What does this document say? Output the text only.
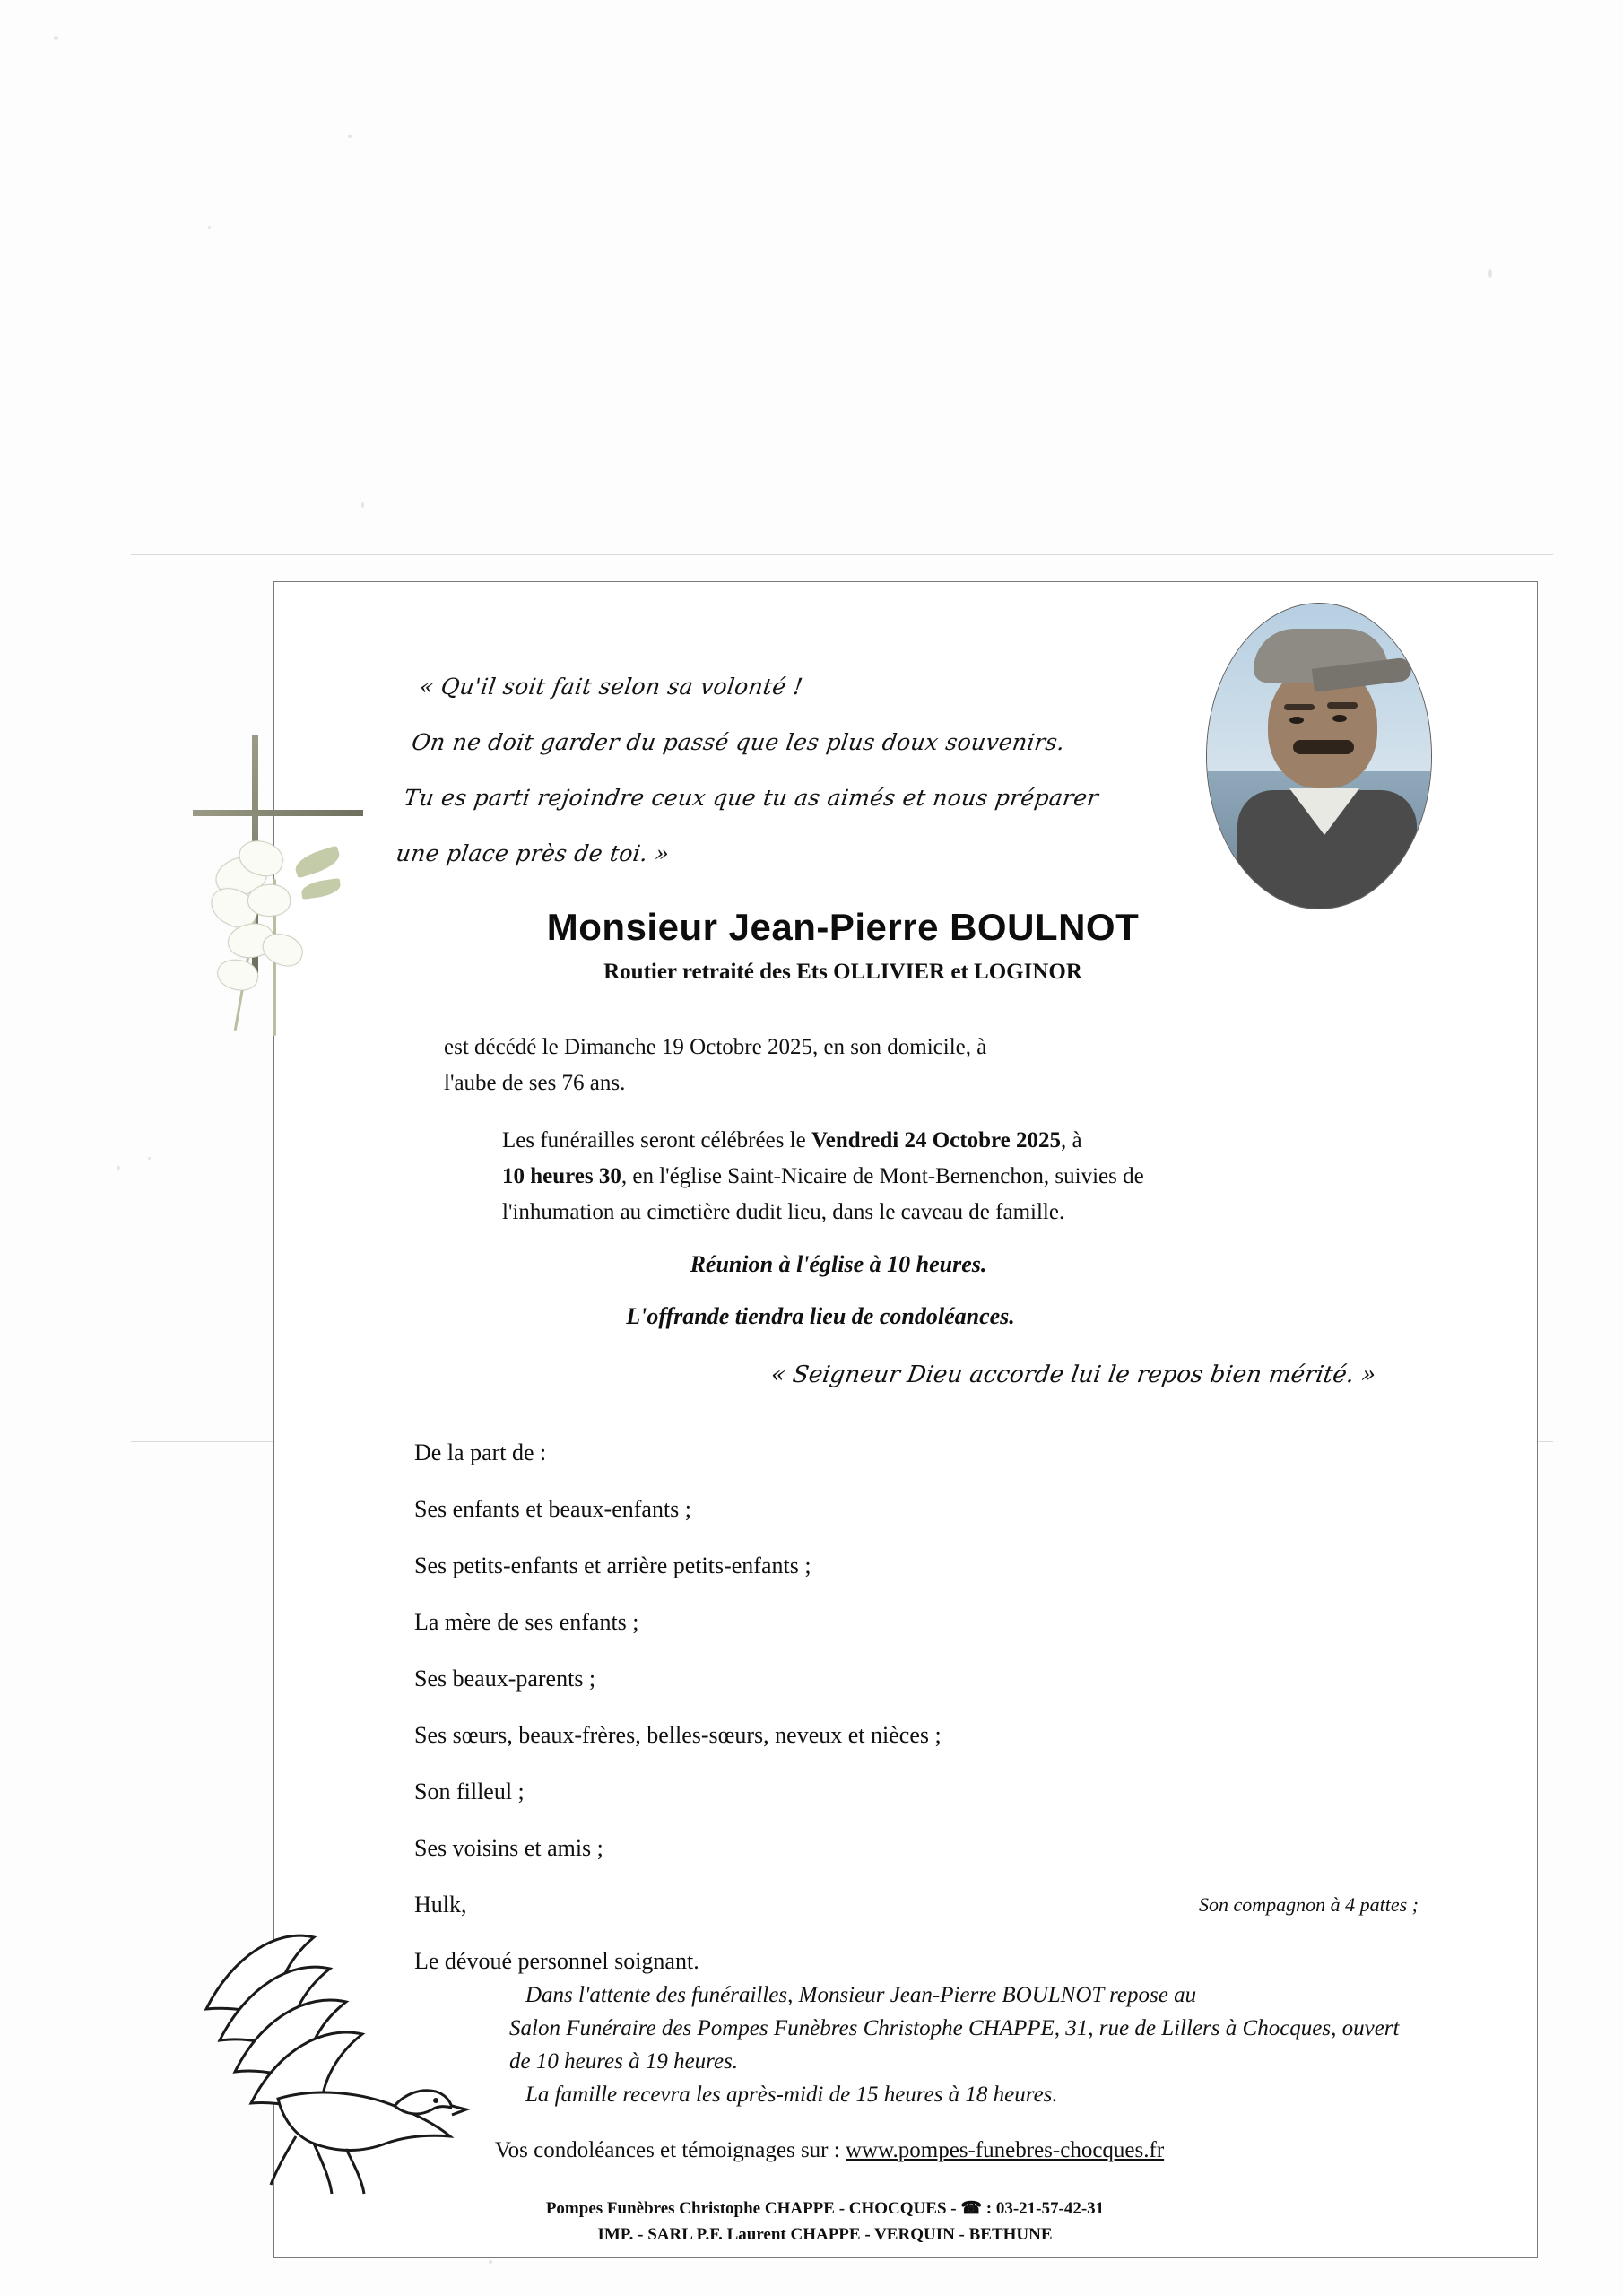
« Qu'il soit fait selon sa volonté !
On ne doit garder du passé que les plus doux souvenirs.
Tu es parti rejoindre ceux que tu as aimés et nous préparer
une place près de toi. »
Monsieur Jean-Pierre BOULNOT
Routier retraité des Ets OLLIVIER et LOGINOR
est décédé le Dimanche 19 Octobre 2025, en son domicile, à
l'aube de ses 76 ans.
Les funérailles seront célébrées le Vendredi 24 Octobre 2025, à
10 heures 30, en l'église Saint-Nicaire de Mont-Bernenchon, suivies de
l'inhumation au cimetière dudit lieu, dans le caveau de famille.
Réunion à l'église à 10 heures.
L'offrande tiendra lieu de condoléances.
« Seigneur Dieu accorde lui le repos bien mérité. »
De la part de :
Ses enfants et beaux-enfants ;
Ses petits-enfants et arrière petits-enfants ;
La mère de ses enfants ;
Ses beaux-parents ;
Ses sœurs, beaux-frères, belles-sœurs, neveux et nièces ;
Son filleul ;
Ses voisins et amis ;
Hulk,	Son compagnon à 4 pattes ;
Le dévoué personnel soignant.
Dans l'attente des funérailles, Monsieur Jean-Pierre BOULNOT repose au
Salon Funéraire des Pompes Funèbres Christophe CHAPPE, 31, rue de Lillers à Chocques, ouvert de 10 heures à 19 heures.
La famille recevra les après-midi de 15 heures à 18 heures.
Vos condoléances et témoignages sur : www.pompes-funebres-chocques.fr
Pompes Funèbres Christophe CHAPPE - CHOCQUES - ☎ : 03-21-57-42-31
IMP. - SARL P.F. Laurent CHAPPE - VERQUIN - BETHUNE
